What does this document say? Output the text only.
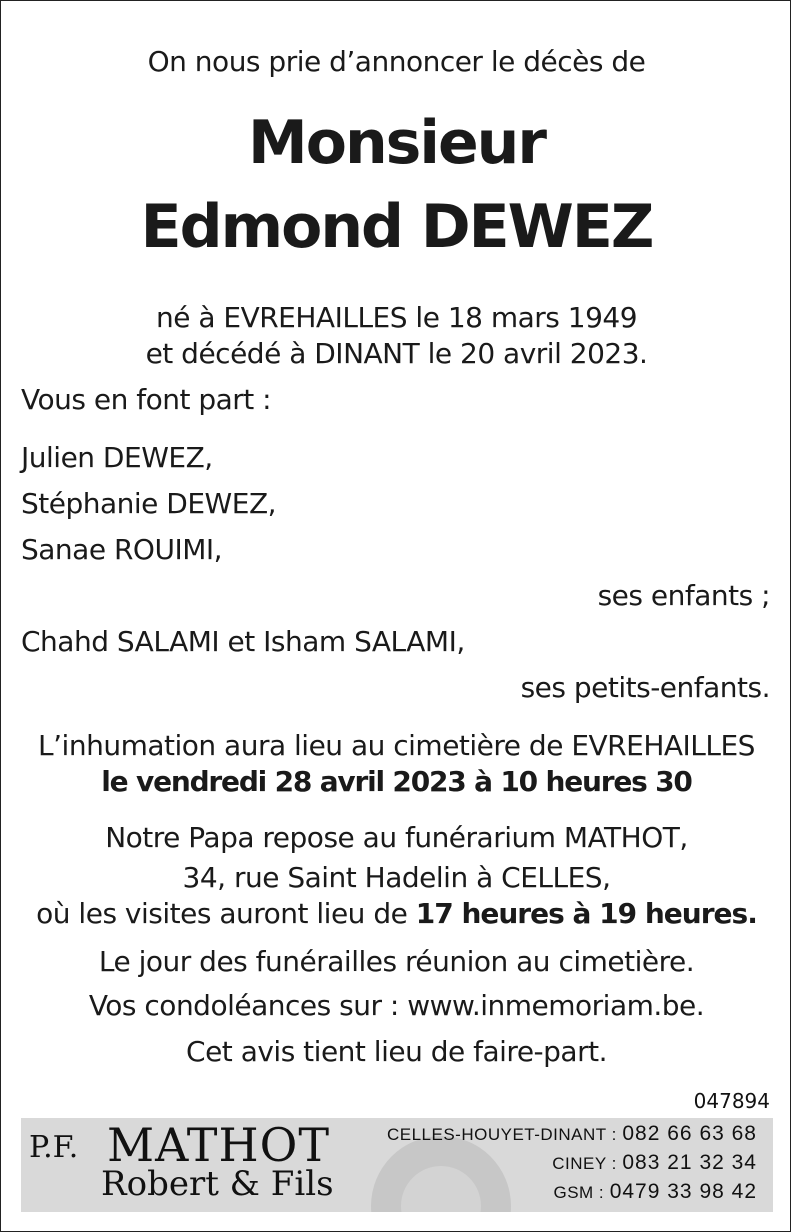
On nous prie d’annoncer le décès de
Monsieur
Edmond DEWEZ
né à EVREHAILLES le 18 mars 1949
et décédé à DINANT le 20 avril 2023.
Vous en font part :
Julien DEWEZ,
Stéphanie DEWEZ,
Sanae ROUIMI,
ses enfants ;
Chahd SALAMI et Isham SALAMI,
ses petits-enfants.
L’inhumation aura lieu au cimetière de EVREHAILLES
le vendredi 28 avril 2023 à 10 heures 30
Notre Papa repose au funérarium MATHOT,
34, rue Saint Hadelin à CELLES,
où les visites auront lieu de 17 heures à 19 heures.
Le jour des funérailles réunion au cimetière.
Vos condoléances sur : www.inmemoriam.be.
Cet avis tient lieu de faire-part.
047894
P.F. MATHOT
Robert & Fils
CELLES-HOUYET-DINANT : 082 66 63 68
CINEY : 083 21 32 34
GSM : 0479 33 98 42
